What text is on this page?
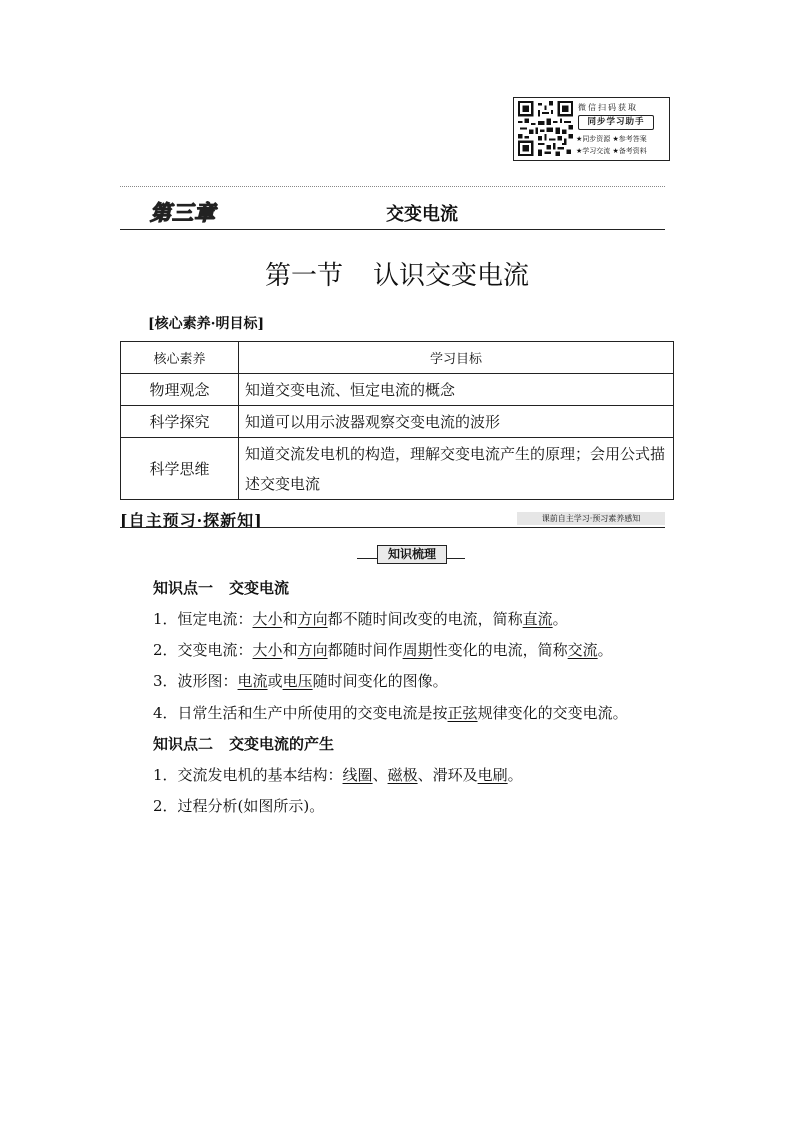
微信扫码获取
同步学习助手
★同步资源 ★参考答案
★学习交流 ★备考资料
第三章	交变电流
第一节 认识交变电流
[核心素养·明目标]
核心素养	学习目标
物理观念	知道交变电流、恒定电流的概念
科学探究	知道可以用示波器观察交变电流的波形
科学思维	知道交流发电机的构造，理解交变电流产生的原理；会用公式描述交变电流
[自主预习·探新知]	课前自主学习·预习素养感知
知识梳理
知识点一 交变电流
1．恒定电流：大小和方向都不随时间改变的电流，简称直流。
2．交变电流：大小和方向都随时间作周期性变化的电流，简称交流。
3．波形图：电流或电压随时间变化的图像。
4．日常生活和生产中所使用的交变电流是按正弦规律变化的交变电流。
知识点二 交变电流的产生
1．交流发电机的基本结构：线圈、磁极、滑环及电刷。
2．过程分析(如图所示)。
